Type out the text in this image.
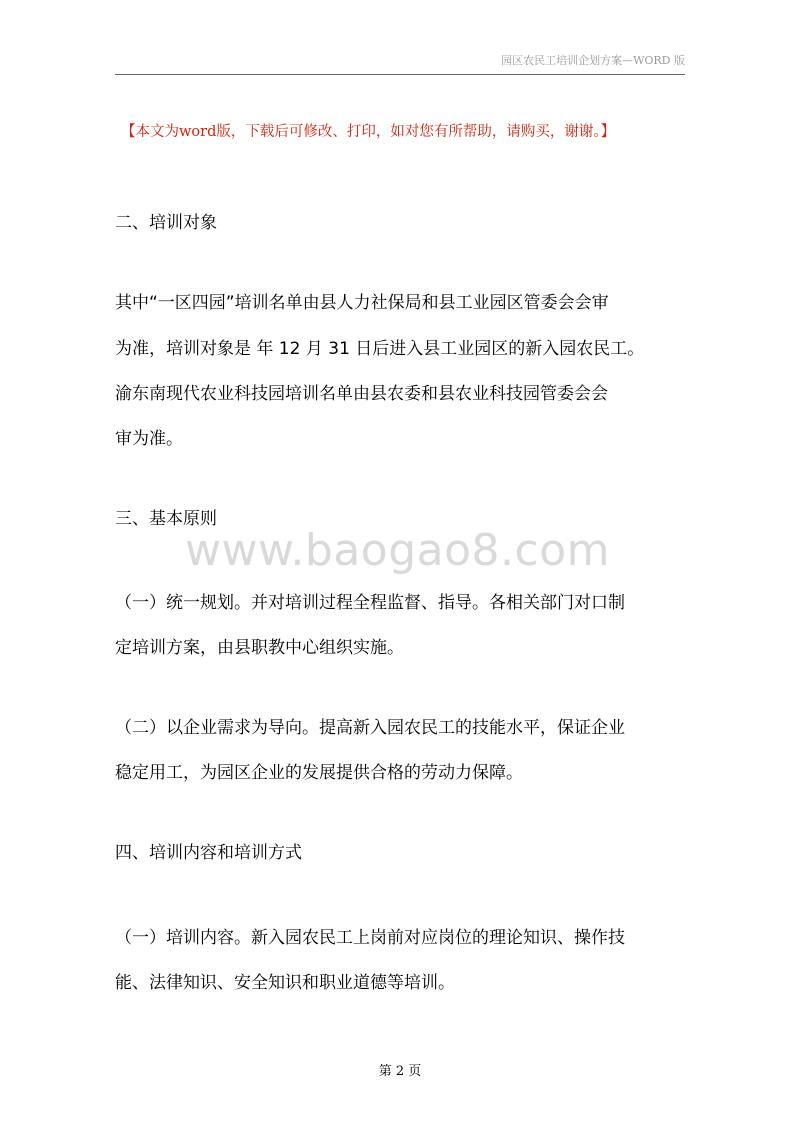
园区农民工培训企划方案—WORD 版
【本文为word版，下载后可修改、打印，如对您有所帮助，请购买，谢谢。】
二、培训对象
其中“一区四园”培训名单由县人力社保局和县工业园区管委会会审
为准，培训对象是 年 12 月 31 日后进入县工业园区的新入园农民工。
渝东南现代农业科技园培训名单由县农委和县农业科技园管委会会
审为准。
三、基本原则
www.baogao8.com
（一）统一规划。并对培训过程全程监督、指导。各相关部门对口制
定培训方案，由县职教中心组织实施。
（二）以企业需求为导向。提高新入园农民工的技能水平，保证企业
稳定用工，为园区企业的发展提供合格的劳动力保障。
四、培训内容和培训方式
（一）培训内容。新入园农民工上岗前对应岗位的理论知识、操作技
能、法律知识、安全知识和职业道德等培训。
第 2 页
